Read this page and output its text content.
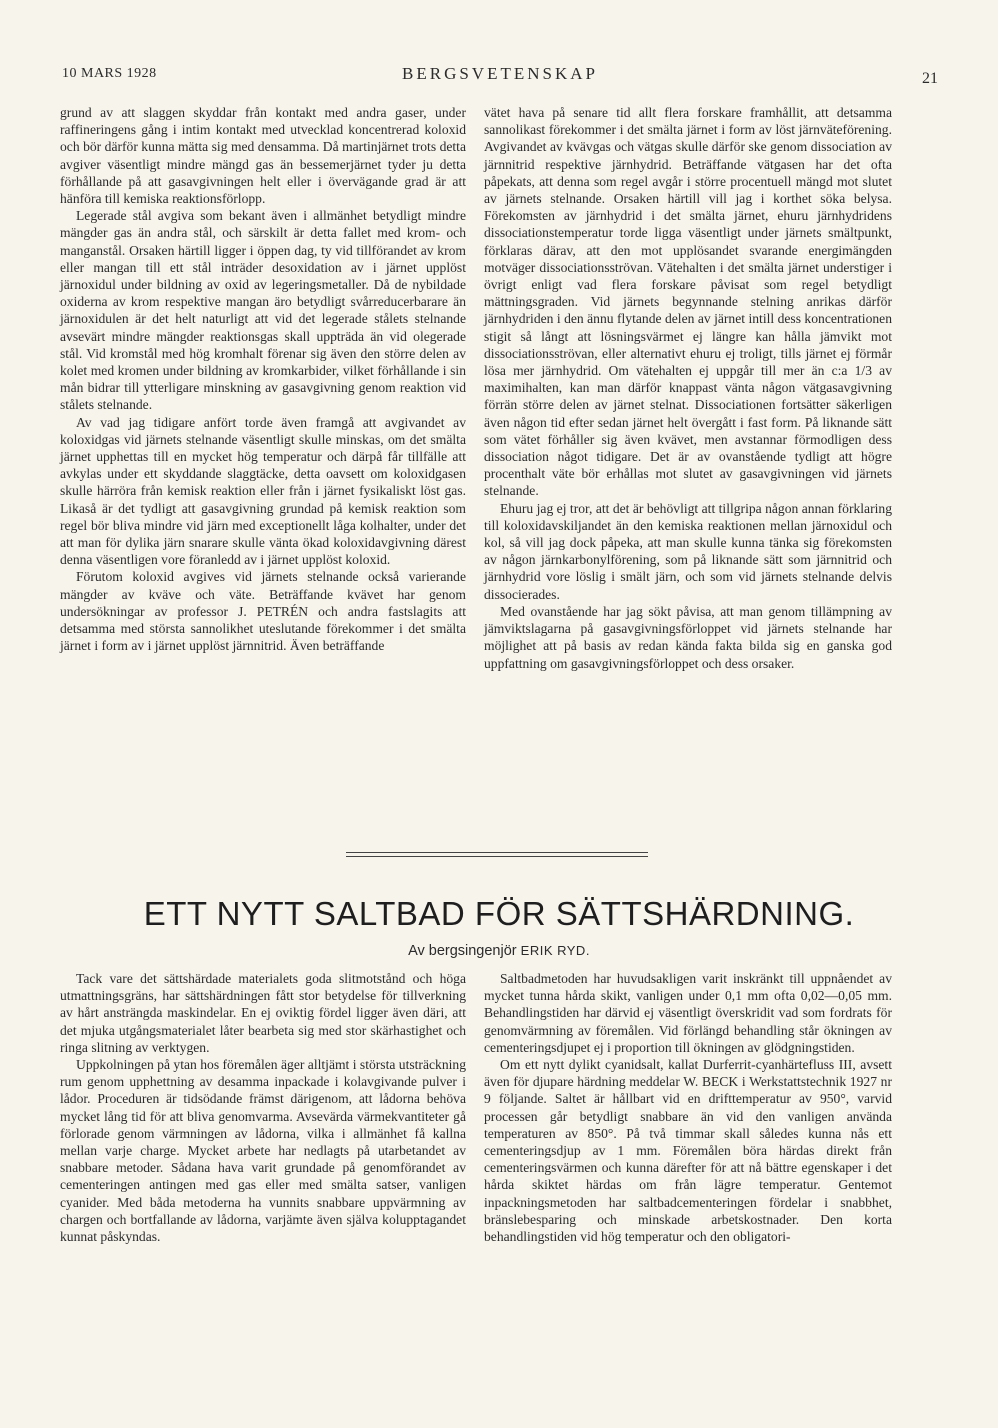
10 MARS 1928	BERGSVETENSKAP	21

grund av att slaggen skyddar från kontakt med andra gaser, under raffineringens gång i intim kontakt med utvecklad koncentrerad koloxid och bör därför kunna mätta sig med densamma. Då martinjärnet trots detta avgiver väsentligt mindre mängd gas än bessemerjärnet tyder ju detta förhållande på att gasavgivningen helt eller i övervägande grad är att hänföra till kemiska reaktionsförlopp.

Legerade stål avgiva som bekant även i allmänhet betydligt mindre mängder gas än andra stål, och särskilt är detta fallet med krom- och manganstål. Orsaken härtill ligger i öppen dag, ty vid tillförandet av krom eller mangan till ett stål inträder desoxidation av i järnet upplöst järnoxidul under bildning av oxid av legeringsmetaller. Då de nybildade oxiderna av krom respektive mangan äro betydligt svårreducerbarare än järnoxidulen är det helt naturligt att vid det legerade stålets stelnande avsevärt mindre mängder reaktionsgas skall uppträda än vid olegerade stål. Vid kromstål med hög kromhalt förenar sig även den större delen av kolet med kromen under bildning av kromkarbider, vilket förhållande i sin mån bidrar till ytterligare minskning av gasavgivning genom reaktion vid stålets stelnande.

Av vad jag tidigare anfört torde även framgå att avgivandet av koloxidgas vid järnets stelnande väsentligt skulle minskas, om det smälta järnet upphettas till en mycket hög temperatur och därpå får tillfälle att avkylas under ett skyddande slaggtäcke, detta oavsett om koloxidgasen skulle härröra från kemisk reaktion eller från i järnet fysikaliskt löst gas. Likaså är det tydligt att gasavgivning grundad på kemisk reaktion som regel bör bliva mindre vid järn med exceptionellt låga kolhalter, under det att man för dylika järn snarare skulle vänta ökad koloxidavgivning därest denna väsentligen vore föranledd av i järnet upplöst koloxid.

Förutom koloxid avgives vid järnets stelnande också varierande mängder av kväve och väte. Beträffande kvävet har genom undersökningar av professor J. PETRÉN och andra fastslagits att detsamma med största sannolikhet uteslutande förekommer i det smälta järnet i form av i järnet upplöst järnnitrid. Även beträffande

vätet hava på senare tid allt flera forskare framhållit, att detsamma sannolikast förekommer i det smälta järnet i form av löst järnväteförening. Avgivandet av kvävgas och vätgas skulle därför ske genom dissociation av järnnitrid respektive järnhydrid. Beträffande vätgasen har det ofta påpekats, att denna som regel avgår i större procentuell mängd mot slutet av järnets stelnande. Orsaken härtill vill jag i korthet söka belysa. Förekomsten av järnhydrid i det smälta järnet, ehuru järnhydridens dissociationstemperatur torde ligga väsentligt under järnets smältpunkt, förklaras därav, att den mot upplösandet svarande energimängden motväger dissociationsströvan. Vätehalten i det smälta järnet understiger i övrigt enligt vad flera forskare påvisat som regel betydligt mättningsgraden. Vid järnets begynnande stelning anrikas därför järnhydriden i den ännu flytande delen av järnet intill dess koncentrationen stigit så långt att lösningsvärmet ej längre kan hålla jämvikt mot dissociationsströvan, eller alternativt ehuru ej troligt, tills järnet ej förmår lösa mer järnhydrid. Om vätehalten ej uppgår till mer än c:a 1/3 av maximihalten, kan man därför knappast vänta någon vätgasavgivning förrän större delen av järnet stelnat. Dissociationen fortsätter säkerligen även någon tid efter sedan järnet helt övergått i fast form. På liknande sätt som vätet förhåller sig även kvävet, men avstannar förmodligen dess dissociation något tidigare. Det är av ovanstående tydligt att högre procenthalt väte bör erhållas mot slutet av gasavgivningen vid järnets stelnande.

Ehuru jag ej tror, att det är behövligt att tillgripa någon annan förklaring till koloxidavskiljandet än den kemiska reaktionen mellan järnoxidul och kol, så vill jag dock påpeka, att man skulle kunna tänka sig förekomsten av någon järnkarbonylförening, som på liknande sätt som järnnitrid och järnhydrid vore löslig i smält järn, och som vid järnets stelnande delvis dissocierades.

Med ovanstående har jag sökt påvisa, att man genom tillämpning av jämviktslagarna på gasavgivningsförloppet vid järnets stelnande har möjlighet att på basis av redan kända fakta bilda sig en ganska god uppfattning om gasavgivningsförloppet och dess orsaker.

ETT NYTT SALTBAD FÖR SÄTTSHÄRDNING.
Av bergsingenjör ERIK RYD.

Tack vare det sättshärdade materialets goda slitmotstånd och höga utmattningsgräns, har sättshärdningen fått stor betydelse för tillverkning av hårt ansträngda maskindelar. En ej oviktig fördel ligger även däri, att det mjuka utgångsmaterialet låter bearbeta sig med stor skärhastighet och ringa slitning av verktygen.

Uppkolningen på ytan hos föremålen äger alltjämt i största utsträckning rum genom upphettning av desamma inpackade i kolavgivande pulver i lådor. Proceduren är tidsödande främst därigenom, att lådorna behöva mycket lång tid för att bliva genomvarma. Avsevärda värmekvantiteter gå förlorade genom värmningen av lådorna, vilka i allmänhet få kallna mellan varje charge. Mycket arbete har nedlagts på utarbetandet av snabbare metoder. Sådana hava varit grundade på genomförandet av cementeringen antingen med gas eller med smälta satser, vanligen cyanider. Med båda metoderna ha vunnits snabbare uppvärmning av chargen och bortfallande av lådorna, varjämte även själva kolupptagandet kunnat påskyndas.

Saltbadmetoden har huvudsakligen varit inskränkt till uppnåendet av mycket tunna hårda skikt, vanligen under 0,1 mm ofta 0,02—0,05 mm. Behandlingstiden har därvid ej väsentligt överskridit vad som fordrats för genomvärmning av föremålen. Vid förlängd behandling står ökningen av cementeringsdjupet ej i proportion till ökningen av glödgningstiden.

Om ett nytt dylikt cyanidsalt, kallat Durferrit-cyanhärtefluss III, avsett även för djupare härdning meddelar W. BECK i Werkstattstechnik 1927 nr 9 följande. Saltet är hållbart vid en drifttemperatur av 950°, varvid processen går betydligt snabbare än vid den vanligen använda temperaturen av 850°. På två timmar skall således kunna nås ett cementeringsdjup av 1 mm. Föremålen böra härdas direkt från cementeringsvärmen och kunna därefter för att nå bättre egenskaper i det hårda skiktet härdas om från lägre temperatur. Gentemot inpackningsmetoden har saltbadcementeringen fördelar i snabbhet, bränslebesparing och minskade arbetskostnader. Den korta behandlingstiden vid hög temperatur och den obligatori-
